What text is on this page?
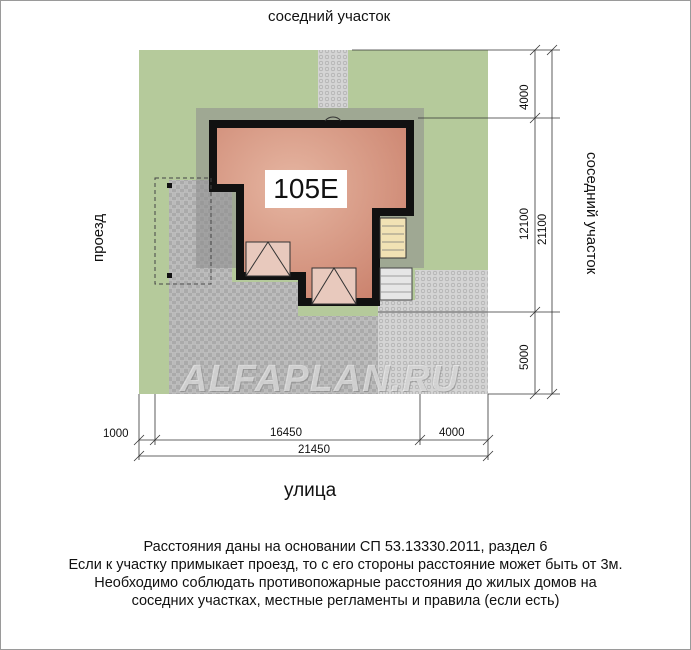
соседний участок
проезд	соседний участок
105E
ALFAPLAN.RU
4000
12100 21100
5000
1000	16450	4000
21450
улица
Расстояния даны на основании СП 53.13330.2011, раздел 6
Если к участку примыкает проезд, то с его стороны расстояние может быть от 3м.
Необходимо соблюдать противопожарные расстояния до жилых домов на
соседних участках, местные регламенты и правила (если есть)
